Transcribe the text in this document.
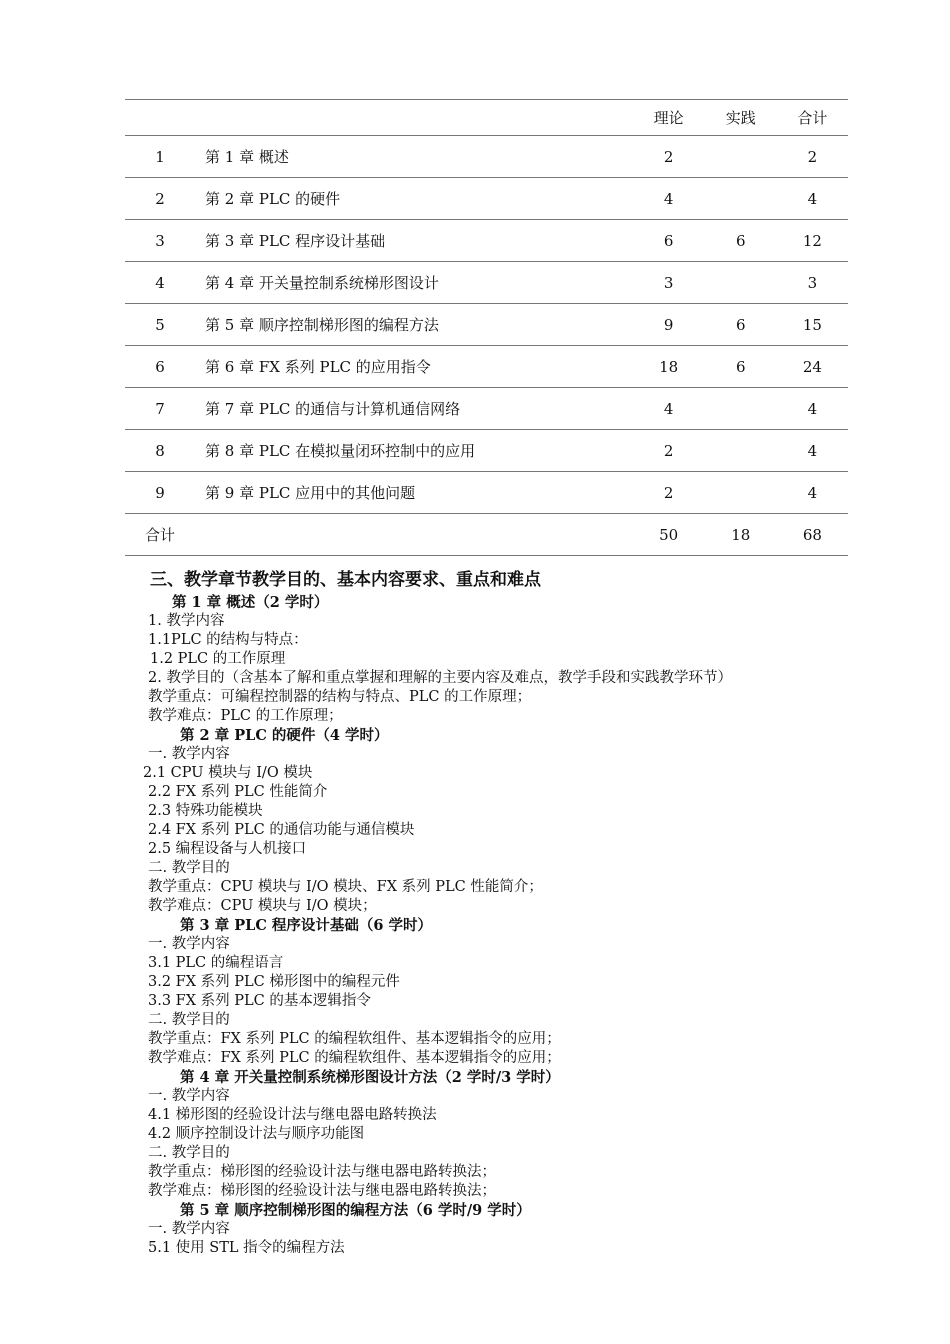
		理论	实践	合计
1	第 1 章 概述	2		2
2	第 2 章 PLC 的硬件	4		4
3	第 3 章 PLC 程序设计基础	6	6	12
4	第 4 章 开关量控制系统梯形图设计	3		3
5	第 5 章 顺序控制梯形图的编程方法	9	6	15
6	第 6 章 FX 系列 PLC 的应用指令	18	6	24
7	第 7 章 PLC 的通信与计算机通信网络	4		4
8	第 8 章 PLC 在模拟量闭环控制中的应用	2		4
9	第 9 章 PLC 应用中的其他问题	2		4
合计		50	18	68
三、教学章节教学目的、基本内容要求、重点和难点
第 1 章 概述（2 学时）
1. 教学内容
1.1PLC 的结构与特点：
1.2 PLC 的工作原理
2. 教学目的（含基本了解和重点掌握和理解的主要内容及难点，教学手段和实践教学环节）
教学重点：可编程控制器的结构与特点、PLC 的工作原理；
教学难点：PLC 的工作原理；
第 2 章 PLC 的硬件（4 学时）
一. 教学内容
2.1 CPU 模块与 I/O 模块
2.2 FX 系列 PLC 性能简介
2.3 特殊功能模块
2.4 FX 系列 PLC 的通信功能与通信模块
2.5 编程设备与人机接口
二. 教学目的
教学重点：CPU 模块与 I/O 模块、FX 系列 PLC 性能简介；
教学难点：CPU 模块与 I/O 模块；
第 3 章 PLC 程序设计基础（6 学时）
一. 教学内容
3.1 PLC 的编程语言
3.2 FX 系列 PLC 梯形图中的编程元件
3.3 FX 系列 PLC 的基本逻辑指令
二. 教学目的
教学重点：FX 系列 PLC 的编程软组件、基本逻辑指令的应用；
教学难点：FX 系列 PLC 的编程软组件、基本逻辑指令的应用；
第 4 章 开关量控制系统梯形图设计方法（2 学时/3 学时）
一. 教学内容
4.1 梯形图的经验设计法与继电器电路转换法
4.2 顺序控制设计法与顺序功能图
二. 教学目的
教学重点：梯形图的经验设计法与继电器电路转换法；
教学难点：梯形图的经验设计法与继电器电路转换法；
第 5 章 顺序控制梯形图的编程方法（6 学时/9 学时）
一. 教学内容
5.1 使用 STL 指令的编程方法
